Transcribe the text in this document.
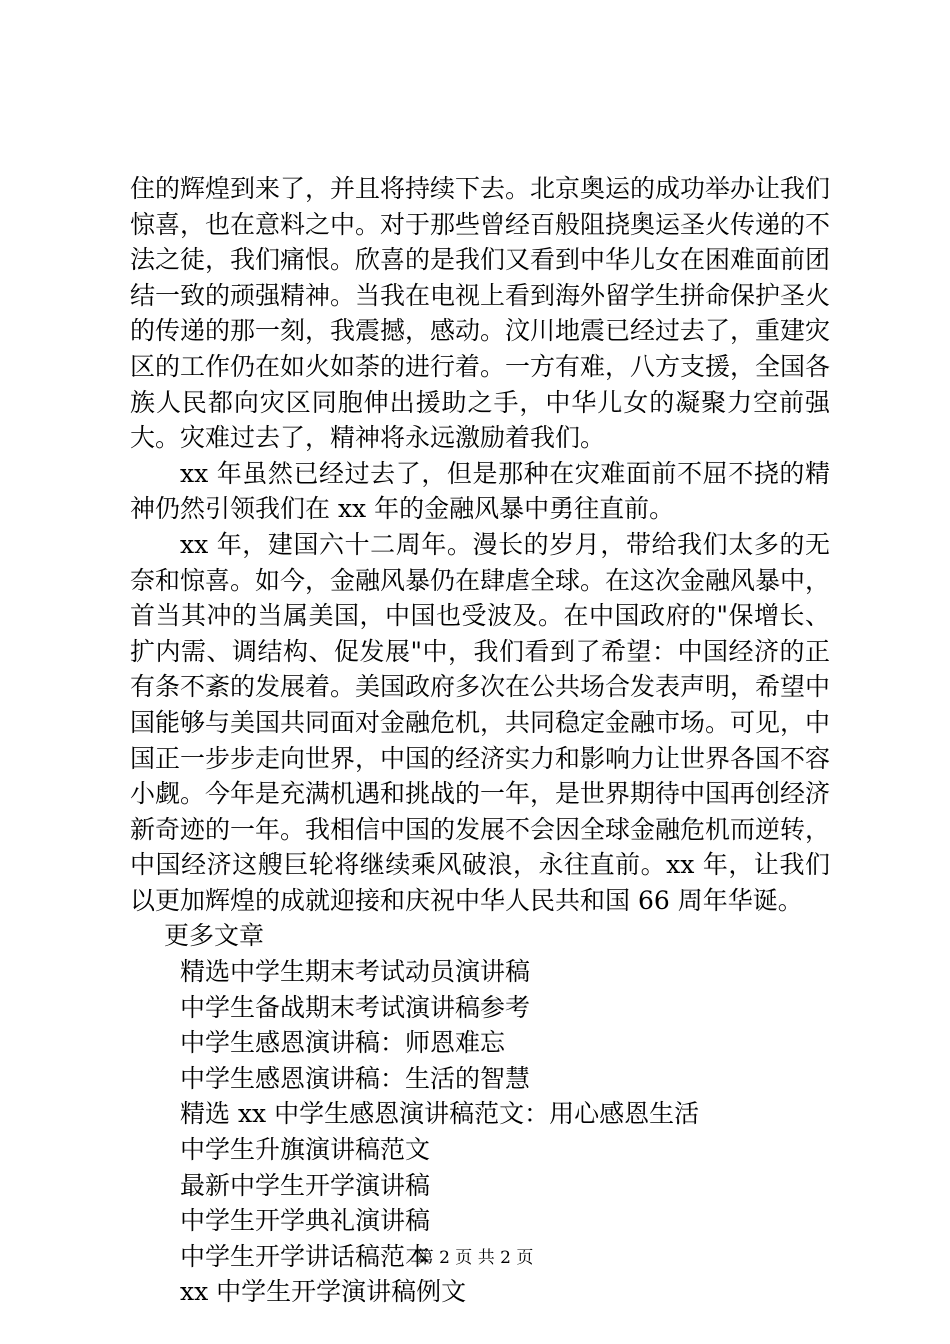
住的辉煌到来了，并且将持续下去。北京奥运的成功举办让我们惊喜，也在意料之中。对于那些曾经百般阻挠奥运圣火传递的不法之徒，我们痛恨。欣喜的是我们又看到中华儿女在困难面前团结一致的顽强精神。当我在电视上看到海外留学生拼命保护圣火的传递的那一刻，我震撼，感动。汶川地震已经过去了，重建灾区的工作仍在如火如荼的进行着。一方有难，八方支援，全国各族人民都向灾区同胞伸出援助之手，中华儿女的凝聚力空前强大。灾难过去了，精神将永远激励着我们。

xx 年虽然已经过去了，但是那种在灾难面前不屈不挠的精神仍然引领我们在 xx 年的金融风暴中勇往直前。

xx 年，建国六十二周年。漫长的岁月，带给我们太多的无奈和惊喜。如今，金融风暴仍在肆虐全球。在这次金融风暴中，首当其冲的当属美国，中国也受波及。在中国政府的"保增长、扩内需、调结构、促发展"中，我们看到了希望：中国经济的正有条不紊的发展着。美国政府多次在公共场合发表声明，希望中国能够与美国共同面对金融危机，共同稳定金融市场。可见，中国正一步步走向世界，中国的经济实力和影响力让世界各国不容小觑。今年是充满机遇和挑战的一年，是世界期待中国再创经济新奇迹的一年。我相信中国的发展不会因全球金融危机而逆转，中国经济这艘巨轮将继续乘风破浪，永往直前。xx 年，让我们以更加辉煌的成就迎接和庆祝中华人民共和国 66 周年华诞。

更多文章

精选中学生期末考试动员演讲稿
中学生备战期末考试演讲稿参考
中学生感恩演讲稿：师恩难忘
中学生感恩演讲稿：生活的智慧
精选 xx 中学生感恩演讲稿范文：用心感恩生活
中学生升旗演讲稿范文
最新中学生开学演讲稿
中学生开学典礼演讲稿
中学生开学讲话稿范本
xx 中学生开学演讲稿例文
第 2 页 共 2 页
